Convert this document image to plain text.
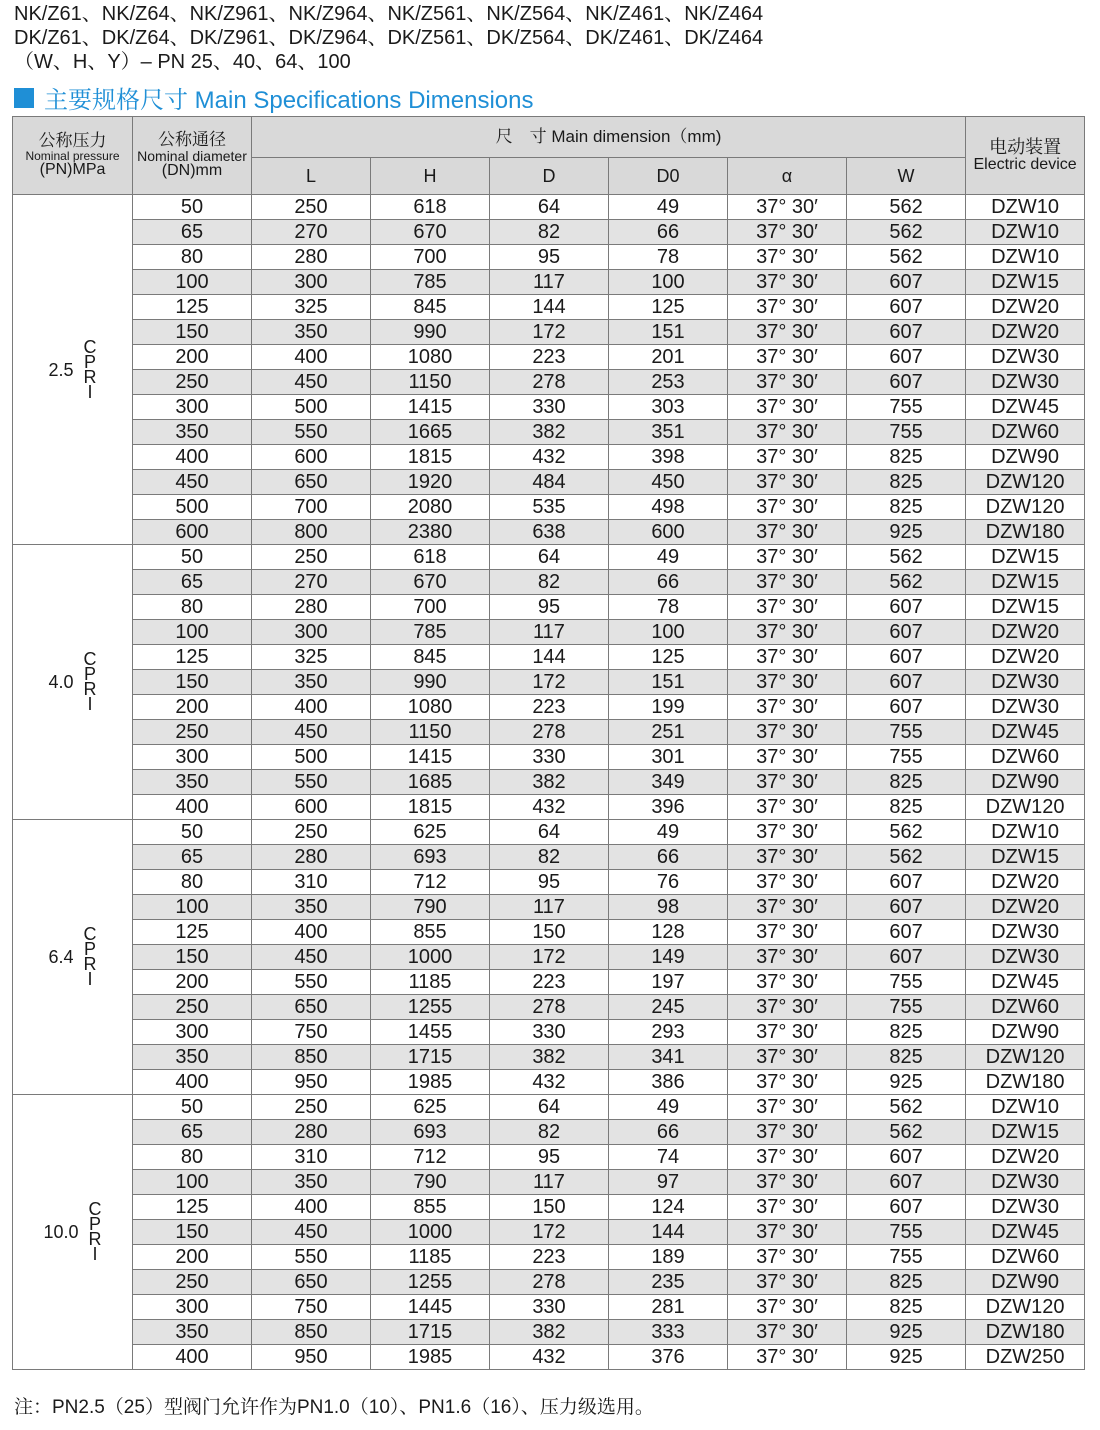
NK/Z61、NK/Z64、NK/Z961、NK/Z964、NK/Z561、NK/Z564、NK/Z461、NK/Z464
DK/Z61、DK/Z64、DK/Z961、DK/Z964、DK/Z561、DK/Z564、DK/Z461、DK/Z464
（W、H、Y）– PN 25、40、64、100
主要规格尺寸 Main Specifications Dimensions
公称压力
Nominal pressure
(PN)MPa	公称通径
Nominal diameter
(DN)mm	尺　寸 Main dimension（mm)						电动装置
Electric device

		L	H	D	D0	α	W	

2.5
C
P
R
I	50	250	618	64	49	37° 30′	562	DZW10
	65	270	670	82	66	37° 30′	562	DZW10
	80	280	700	95	78	37° 30′	562	DZW10
	100	300	785	117	100	37° 30′	607	DZW15
	125	325	845	144	125	37° 30′	607	DZW20
	150	350	990	172	151	37° 30′	607	DZW20
	200	400	1080	223	201	37° 30′	607	DZW30
	250	450	1150	278	253	37° 30′	607	DZW30
	300	500	1415	330	303	37° 30′	755	DZW45
	350	550	1665	382	351	37° 30′	755	DZW60
	400	600	1815	432	398	37° 30′	825	DZW90
	450	650	1920	484	450	37° 30′	825	DZW120
	500	700	2080	535	498	37° 30′	825	DZW120
	600	800	2380	638	600	37° 30′	925	DZW180

4.0
C
P
R
I	50	250	618	64	49	37° 30′	562	DZW15
	65	270	670	82	66	37° 30′	562	DZW15
	80	280	700	95	78	37° 30′	607	DZW15
	100	300	785	117	100	37° 30′	607	DZW20
	125	325	845	144	125	37° 30′	607	DZW20
	150	350	990	172	151	37° 30′	607	DZW30
	200	400	1080	223	199	37° 30′	607	DZW30
	250	450	1150	278	251	37° 30′	755	DZW45
	300	500	1415	330	301	37° 30′	755	DZW60
	350	550	1685	382	349	37° 30′	825	DZW90
	400	600	1815	432	396	37° 30′	825	DZW120

6.4
C
P
R
I	50	250	625	64	49	37° 30′	562	DZW10
	65	280	693	82	66	37° 30′	562	DZW15
	80	310	712	95	76	37° 30′	607	DZW20
	100	350	790	117	98	37° 30′	607	DZW20
	125	400	855	150	128	37° 30′	607	DZW30
	150	450	1000	172	149	37° 30′	607	DZW30
	200	550	1185	223	197	37° 30′	755	DZW45
	250	650	1255	278	245	37° 30′	755	DZW60
	300	750	1455	330	293	37° 30′	825	DZW90
	350	850	1715	382	341	37° 30′	825	DZW120
	400	950	1985	432	386	37° 30′	925	DZW180

10.0
C
P
R
I	50	250	625	64	49	37° 30′	562	DZW10
	65	280	693	82	66	37° 30′	562	DZW15
	80	310	712	95	74	37° 30′	607	DZW20
	100	350	790	117	97	37° 30′	607	DZW30
	125	400	855	150	124	37° 30′	607	DZW30
	150	450	1000	172	144	37° 30′	755	DZW45
	200	550	1185	223	189	37° 30′	755	DZW60
	250	650	1255	278	235	37° 30′	825	DZW90
	300	750	1445	330	281	37° 30′	825	DZW120
	350	850	1715	382	333	37° 30′	925	DZW180
	400	950	1985	432	376	37° 30′	925	DZW250
注：PN2.5（25）型阀门允许作为PN1.0（10）、PN1.6（16）、压力级选用。
